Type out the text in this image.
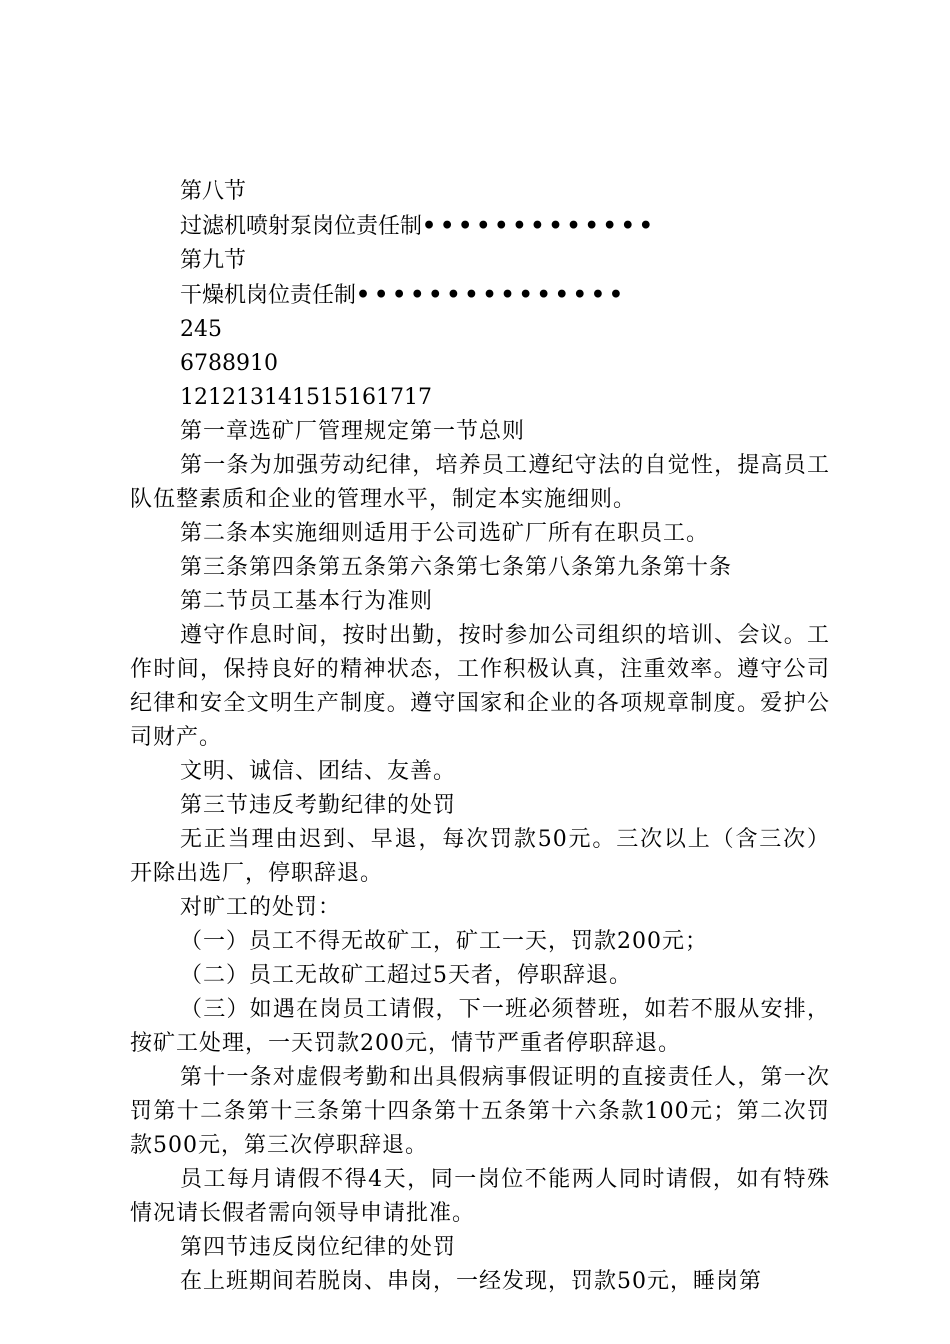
第八节
过滤机喷射泵岗位责任制•••••••••••••
第九节
干燥机岗位责任制•••••••••••••••
245
6788910
121213141515161717

第一章选矿厂管理规定第一节总则

第一条为加强劳动纪律，培养员工遵纪守法的自觉性，提高员工队伍整素质和企业的管理水平，制定本实施细则。

第二条本实施细则适用于公司选矿厂所有在职员工。

第三条第四条第五条第六条第七条第八条第九条第十条

第二节员工基本行为准则

遵守作息时间，按时出勤，按时参加公司组织的培训、会议。工作时间，保持良好的精神状态，工作积极认真，注重效率。遵守公司纪律和安全文明生产制度。遵守国家和企业的各项规章制度。爱护公司财产。

文明、诚信、团结、友善。

第三节违反考勤纪律的处罚

无正当理由迟到、早退，每次罚款50元。三次以上（含三次）开除出选厂，停职辞退。

对旷工的处罚：

（一）员工不得无故矿工，矿工一天，罚款200元；

（二）员工无故矿工超过5天者，停职辞退。

（三）如遇在岗员工请假，下一班必须替班，如若不服从安排，按矿工处理，一天罚款200元，情节严重者停职辞退。

第十一条对虚假考勤和出具假病事假证明的直接责任人，第一次罚第十二条第十三条第十四条第十五条第十六条款100元；第二次罚款500元，第三次停职辞退。

员工每月请假不得4天，同一岗位不能两人同时请假，如有特殊情况请长假者需向领导申请批准。

第四节违反岗位纪律的处罚

在上班期间若脱岗、串岗，一经发现，罚款50元，睡岗第
